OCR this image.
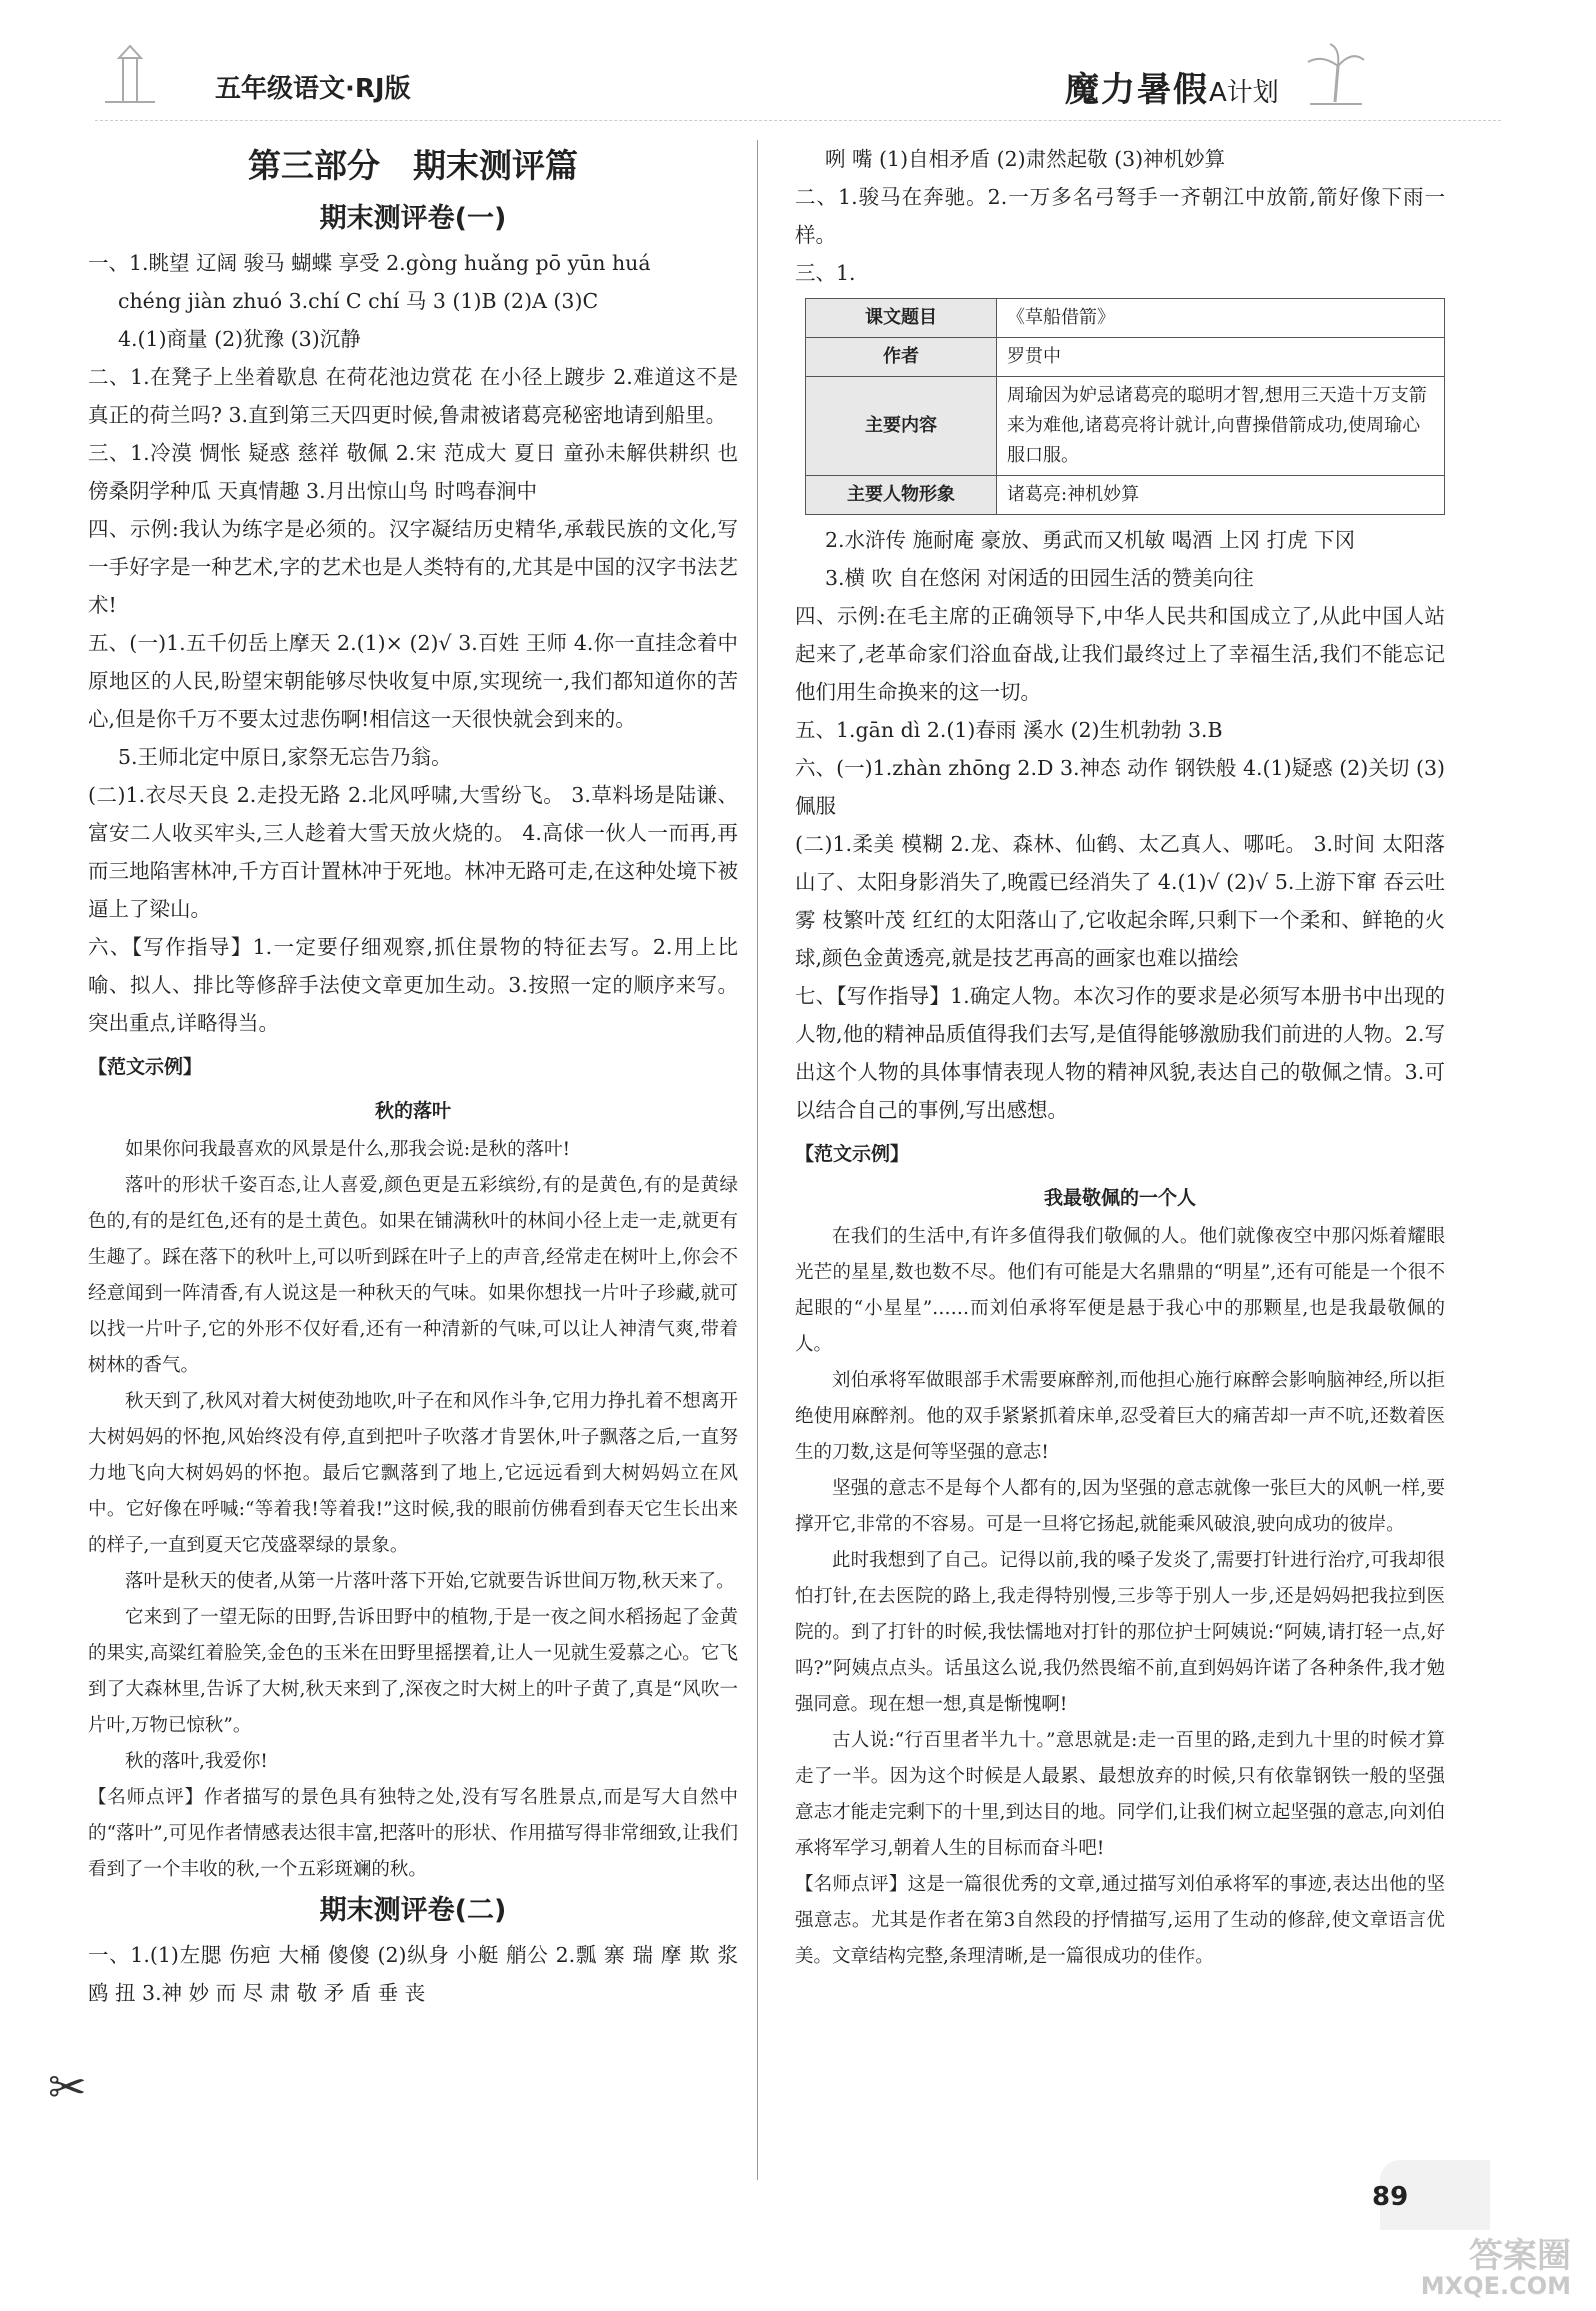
五年级语文·RJ版	魔力暑假A计划
第三部分　期末测评篇
期末测评卷(一)

一、1.眺望 辽阔 骏马 蝴蝶 享受 2.gòng huǎng pō yūn huá

chéng jiàn zhuó 3.chí C chí 马 3 (1)B (2)A (3)C

4.(1)商量 (2)犹豫 (3)沉静

二、1.在凳子上坐着歇息 在荷花池边赏花 在小径上踱步 2.难道这不是真正的荷兰吗? 3.直到第三天四更时候,鲁肃被诸葛亮秘密地请到船里。

三、1.冷漠 惆怅 疑惑 慈祥 敬佩 2.宋 范成大 夏日 童孙未解供耕织 也傍桑阴学种瓜 天真情趣 3.月出惊山鸟 时鸣春涧中

四、示例:我认为练字是必须的。汉字凝结历史精华,承载民族的文化,写一手好字是一种艺术,字的艺术也是人类特有的,尤其是中国的汉字书法艺术!

五、(一)1.五千仞岳上摩天 2.(1)× (2)√ 3.百姓 王师 4.你一直挂念着中原地区的人民,盼望宋朝能够尽快收复中原,实现统一,我们都知道你的苦心,但是你千万不要太过悲伤啊!相信这一天很快就会到来的。

5.王师北定中原日,家祭无忘告乃翁。

(二)1.衣尽天良 2.走投无路 2.北风呼啸,大雪纷飞。 3.草料场是陆谦、富安二人收买牢头,三人趁着大雪天放火烧的。 4.高俅一伙人一而再,再而三地陷害林冲,千方百计置林冲于死地。林冲无路可走,在这种处境下被逼上了梁山。

六、【写作指导】1.一定要仔细观察,抓住景物的特征去写。2.用上比喻、拟人、排比等修辞手法使文章更加生动。3.按照一定的顺序来写。突出重点,详略得当。

【范文示例】
秋的落叶

如果你问我最喜欢的风景是什么,那我会说:是秋的落叶!

落叶的形状千姿百态,让人喜爱,颜色更是五彩缤纷,有的是黄色,有的是黄绿色的,有的是红色,还有的是土黄色。如果在铺满秋叶的林间小径上走一走,就更有生趣了。踩在落下的秋叶上,可以听到踩在叶子上的声音,经常走在树叶上,你会不经意闻到一阵清香,有人说这是一种秋天的气味。如果你想找一片叶子珍藏,就可以找一片叶子,它的外形不仅好看,还有一种清新的气味,可以让人神清气爽,带着树林的香气。

秋天到了,秋风对着大树使劲地吹,叶子在和风作斗争,它用力挣扎着不想离开大树妈妈的怀抱,风始终没有停,直到把叶子吹落才肯罢休,叶子飘落之后,一直努力地飞向大树妈妈的怀抱。最后它飘落到了地上,它远远看到大树妈妈立在风中。它好像在呼喊:“等着我!等着我!”这时候,我的眼前仿佛看到春天它生长出来的样子,一直到夏天它茂盛翠绿的景象。

落叶是秋天的使者,从第一片落叶落下开始,它就要告诉世间万物,秋天来了。

它来到了一望无际的田野,告诉田野中的植物,于是一夜之间水稻扬起了金黄的果实,高粱红着脸笑,金色的玉米在田野里摇摆着,让人一见就生爱慕之心。它飞到了大森林里,告诉了大树,秋天来到了,深夜之时大树上的叶子黄了,真是“风吹一片叶,万物已惊秋”。

秋的落叶,我爱你!

【名师点评】作者描写的景色具有独特之处,没有写名胜景点,而是写大自然中的“落叶”,可见作者情感表达很丰富,把落叶的形状、作用描写得非常细致,让我们看到了一个丰收的秋,一个五彩斑斓的秋。

期末测评卷(二)

一、1.(1)左腮 伤疤 大桶 傻傻 (2)纵身 小艇 艄公 2.瓢 寨 瑞 摩 欺 浆 鸥 扭 3.神 妙 而 尽 肃 敬 矛 盾 垂 丧

咧 嘴 (1)自相矛盾 (2)肃然起敬 (3)神机妙算

二、1.骏马在奔驰。2.一万多名弓弩手一齐朝江中放箭,箭好像下雨一样。

三、1.

课文题目	《草船借箭》
作者	罗贯中
主要内容	周瑜因为妒忌诸葛亮的聪明才智,想用三天造十万支箭来为难他,诸葛亮将计就计,向曹操借箭成功,使周瑜心服口服。
主要人物形象	诸葛亮:神机妙算

2.水浒传 施耐庵 豪放、勇武而又机敏 喝酒 上冈 打虎 下冈

3.横 吹 自在悠闲 对闲适的田园生活的赞美向往

四、示例:在毛主席的正确领导下,中华人民共和国成立了,从此中国人站起来了,老革命家们浴血奋战,让我们最终过上了幸福生活,我们不能忘记他们用生命换来的这一切。

五、1.gān dì 2.(1)春雨 溪水 (2)生机勃勃 3.B

六、(一)1.zhàn zhōng 2.D 3.神态 动作 钢铁般 4.(1)疑惑 (2)关切 (3)佩服

(二)1.柔美 模糊 2.龙、森林、仙鹤、太乙真人、哪吒。 3.时间 太阳落山了、太阳身影消失了,晚霞已经消失了 4.(1)√ (2)√ 5.上游下窜 吞云吐雾 枝繁叶茂 红红的太阳落山了,它收起余晖,只剩下一个柔和、鲜艳的火球,颜色金黄透亮,就是技艺再高的画家也难以描绘

七、【写作指导】1.确定人物。本次习作的要求是必须写本册书中出现的人物,他的精神品质值得我们去写,是值得能够激励我们前进的人物。2.写出这个人物的具体事情表现人物的精神风貌,表达自己的敬佩之情。3.可以结合自己的事例,写出感想。

【范文示例】
我最敬佩的一个人

在我们的生活中,有许多值得我们敬佩的人。他们就像夜空中那闪烁着耀眼光芒的星星,数也数不尽。他们有可能是大名鼎鼎的“明星”,还有可能是一个很不起眼的“小星星”……而刘伯承将军便是悬于我心中的那颗星,也是我最敬佩的人。

刘伯承将军做眼部手术需要麻醉剂,而他担心施行麻醉会影响脑神经,所以拒绝使用麻醉剂。他的双手紧紧抓着床单,忍受着巨大的痛苦却一声不吭,还数着医生的刀数,这是何等坚强的意志!

坚强的意志不是每个人都有的,因为坚强的意志就像一张巨大的风帆一样,要撑开它,非常的不容易。可是一旦将它扬起,就能乘风破浪,驶向成功的彼岸。

此时我想到了自己。记得以前,我的嗓子发炎了,需要打针进行治疗,可我却很怕打针,在去医院的路上,我走得特别慢,三步等于别人一步,还是妈妈把我拉到医院的。到了打针的时候,我怯懦地对打针的那位护士阿姨说:“阿姨,请打轻一点,好吗?”阿姨点点头。话虽这么说,我仍然畏缩不前,直到妈妈许诺了各种条件,我才勉强同意。现在想一想,真是惭愧啊!

古人说:“行百里者半九十。”意思就是:走一百里的路,走到九十里的时候才算走了一半。因为这个时候是人最累、最想放弃的时候,只有依靠钢铁一般的坚强意志才能走完剩下的十里,到达目的地。同学们,让我们树立起坚强的意志,向刘伯承将军学习,朝着人生的目标而奋斗吧!

【名师点评】这是一篇很优秀的文章,通过描写刘伯承将军的事迹,表达出他的坚强意志。尤其是作者在第3自然段的抒情描写,运用了生动的修辞,使文章语言优美。文章结构完整,条理清晰,是一篇很成功的佳作。

✂
89
答案圈
MXQE.COM
